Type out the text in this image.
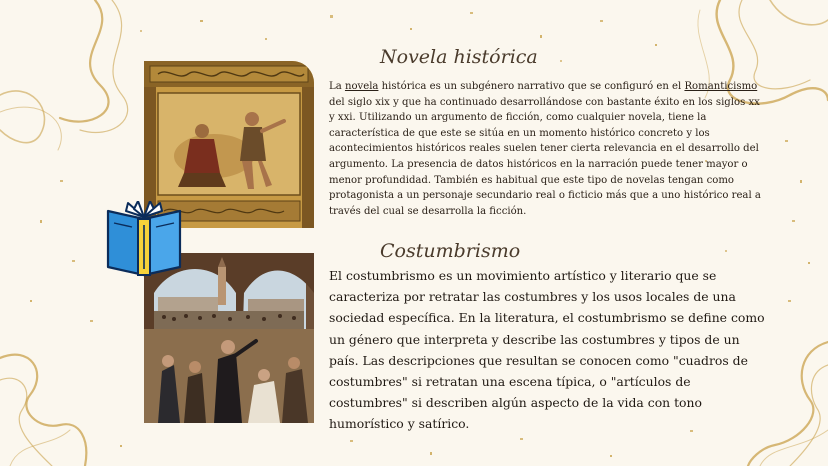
Novela histórica

La novela histórica es un subgénero narrativo que se configuró en el Romanticismo del siglo xix y que ha continuado desarrollándose con bastante éxito en los siglos xx y xxi. Utilizando un argumento de ficción, como cualquier novela, tiene la característica de que este se sitúa en un momento histórico concreto y los acontecimientos históricos reales suelen tener cierta relevancia en el desarrollo del argumento. La presencia de datos históricos en la narración puede tener mayor o menor profundidad. También es habitual que este tipo de novelas tengan como protagonista a un personaje secundario real o ficticio más que a uno histórico real a través del cual se desarrolla la ficción.

Costumbrismo

El costumbrismo es un movimiento artístico y literario que se caracteriza por retratar las costumbres y los usos locales de una sociedad específica. En la literatura, el costumbrismo se define como un género que interpreta y describe las costumbres y tipos de un país. Las descripciones que resultan se conocen como "cuadros de costumbres" si retratan una escena típica, o "artículos de costumbres" si describen algún aspecto de la vida con tono humorístico y satírico.
